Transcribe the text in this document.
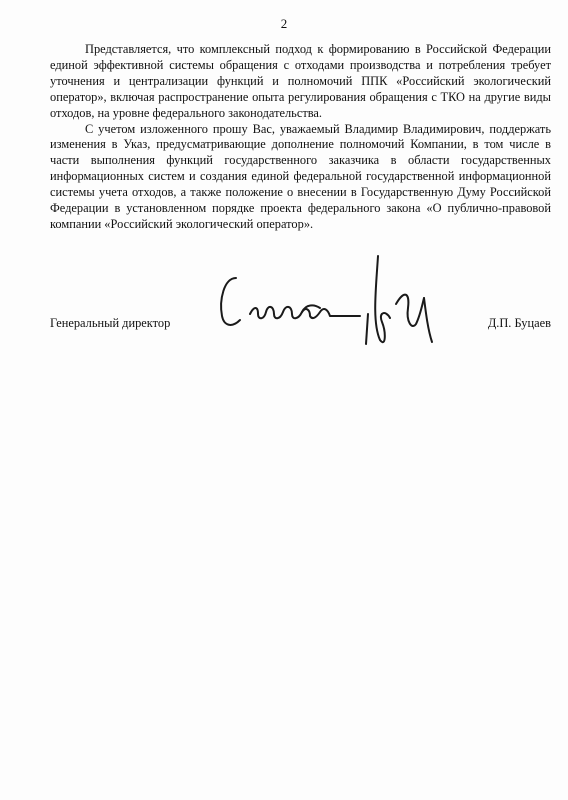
2

Представляется, что комплексный подход к формированию в Российской Федерации единой эффективной системы обращения с отходами производства и потребления требует уточнения и централизации функций и полномочий ППК «Российский экологический оператор», включая распространение опыта регулирования обращения с ТКО на другие виды отходов, на уровне федерального законодательства.

С учетом изложенного прошу Вас, уважаемый Владимир Владимирович, поддержать изменения в Указ, предусматривающие дополнение полномочий Компании, в том числе в части выполнения функций государственного заказчика в области государственных информационных систем и создания единой федеральной государственной информационной системы учета отходов, а также положение о внесении в Государственную Думу Российской Федерации в установленном порядке проекта федерального закона «О публично-правовой компании «Российский экологический оператор».

Генеральный директор	Д.П. Буцаев
